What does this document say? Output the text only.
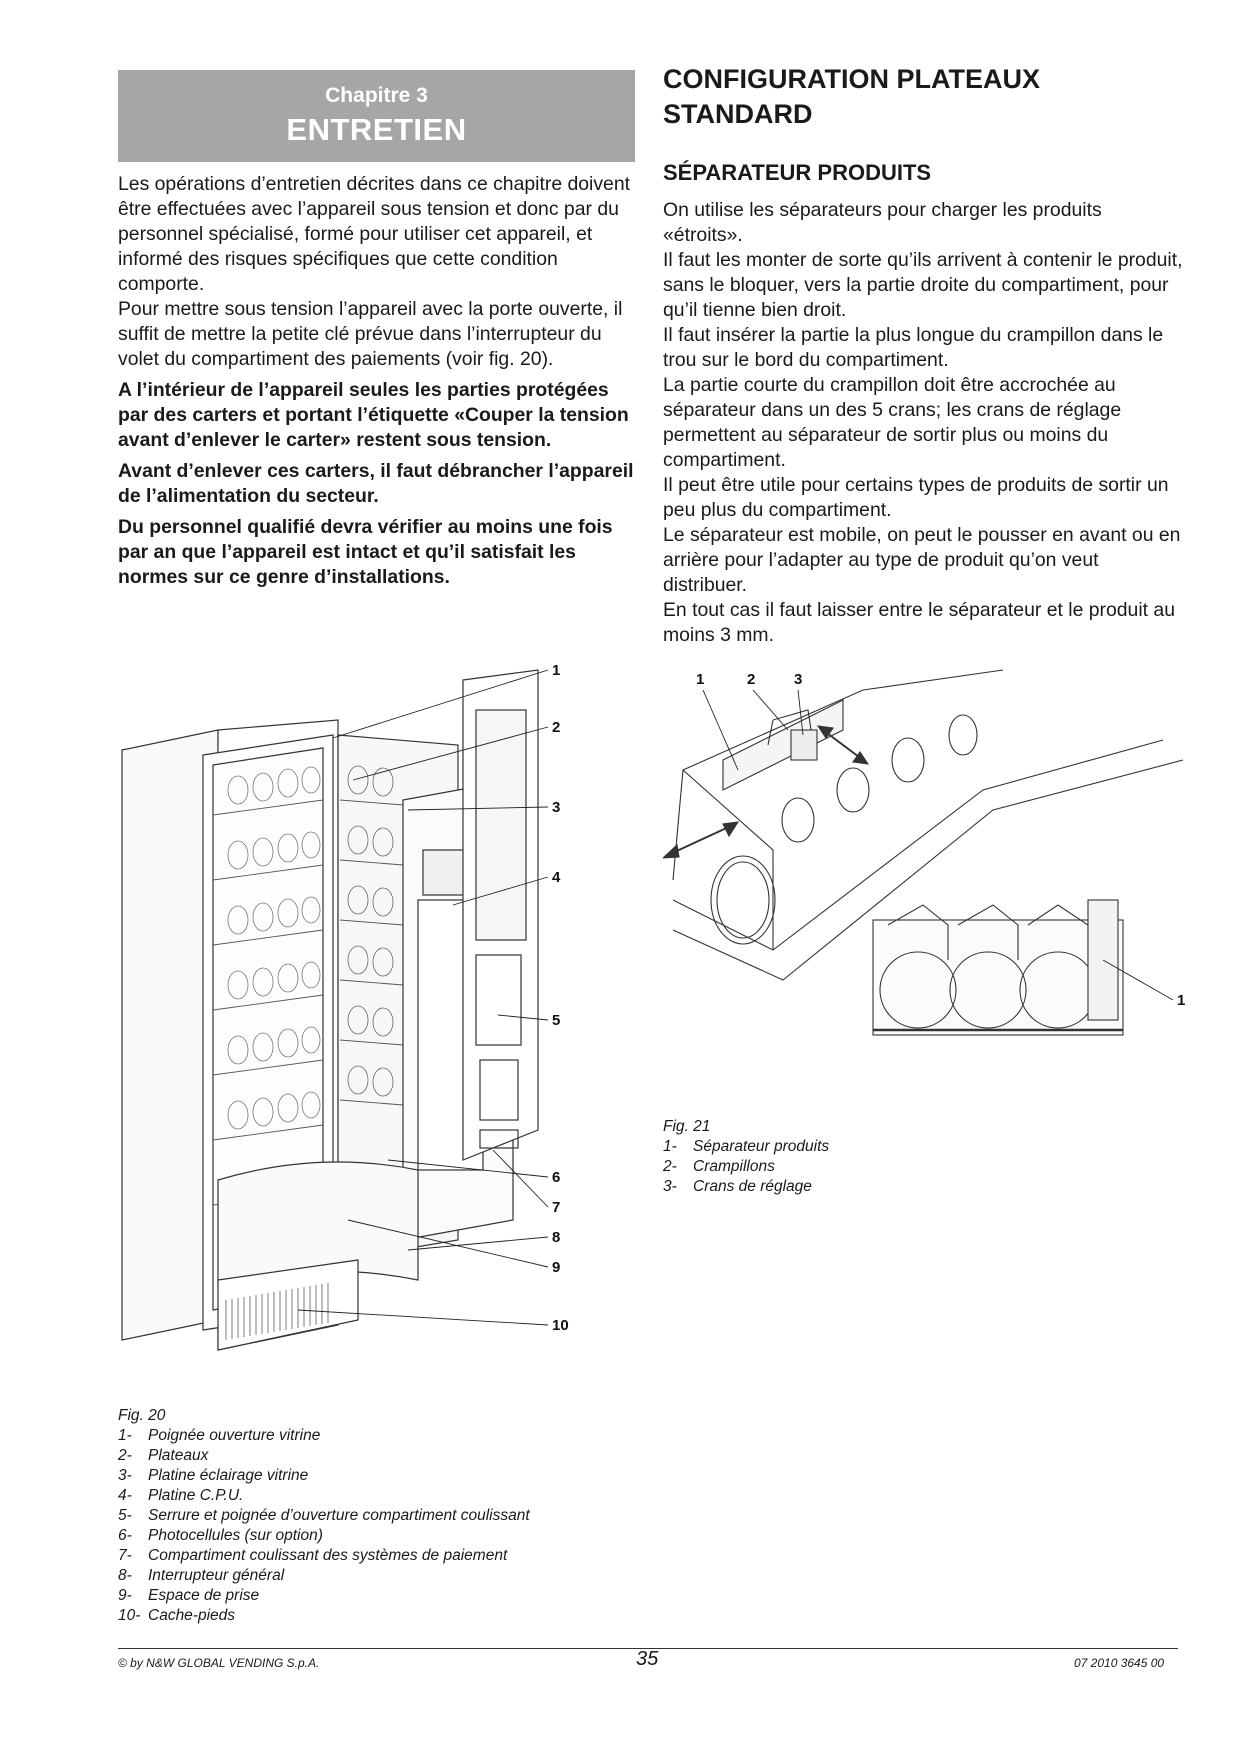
Chapitre 3
ENTRETIEN

Les opérations d’entretien décrites dans ce chapitre doivent être effectuées avec l’appareil sous tension et donc par du personnel spécialisé, formé pour utiliser cet appareil, et informé des risques spécifiques que cette condition comporte.

Pour mettre sous tension l’appareil avec la porte ouverte, il suffit de mettre la petite clé prévue dans l’interrupteur du volet du compartiment des paiements (voir fig. 20).

A l’intérieur de l’appareil seules les parties protégées par des carters et portant l’étiquette «Couper la tension avant d’enlever le carter» restent sous tension.

Avant d’enlever ces carters, il faut débrancher l’appareil de l’alimentation du secteur.

Du personnel qualifié devra vérifier au moins une fois par an que l’appareil est intact et qu’il satisfait les normes sur ce genre d’installations.

CONFIGURATION PLATEAUX STANDARD
SÉPARATEUR PRODUITS

On utilise les séparateurs pour charger les produits «étroits».

Il faut les monter de sorte qu’ils arrivent à contenir le produit, sans le bloquer, vers la partie droite du compartiment, pour qu’il tienne bien droit.

Il faut insérer la partie la plus longue du crampillon dans le trou sur le bord du compartiment.

La partie courte du crampillon doit être accrochée au séparateur dans un des 5 crans; les crans de réglage permettent au séparateur de sortir plus ou moins du compartiment.

Il peut être utile pour certains types de produits de sortir un peu plus du compartiment.

Le séparateur est mobile, on peut le pousser en avant ou en arrière pour l’adapter au type de produit qu’on veut distribuer.

En tout cas il faut laisser entre le séparateur et le produit au moins 3 mm.

1
2
3
4
5
6
7
8
9
10
Fig. 20
1-	Poignée ouverture vitrine
2-	Plateaux
3-	Platine éclairage vitrine
4-	Platine C.P.U.
5-	Serrure et poignée d’ouverture compartiment coulissant
6-	Photocellules (sur option)
7-	Compartiment coulissant des systèmes de paiement
8-	Interrupteur général
9-	Espace de prise
10- Cache-pieds
1	2	3
1
Fig. 21
1-	Séparateur produits
2-	Crampillons
3-	Crans de réglage
© by N&W GLOBAL VENDING S.p.A.	35	07 2010 3645 00
